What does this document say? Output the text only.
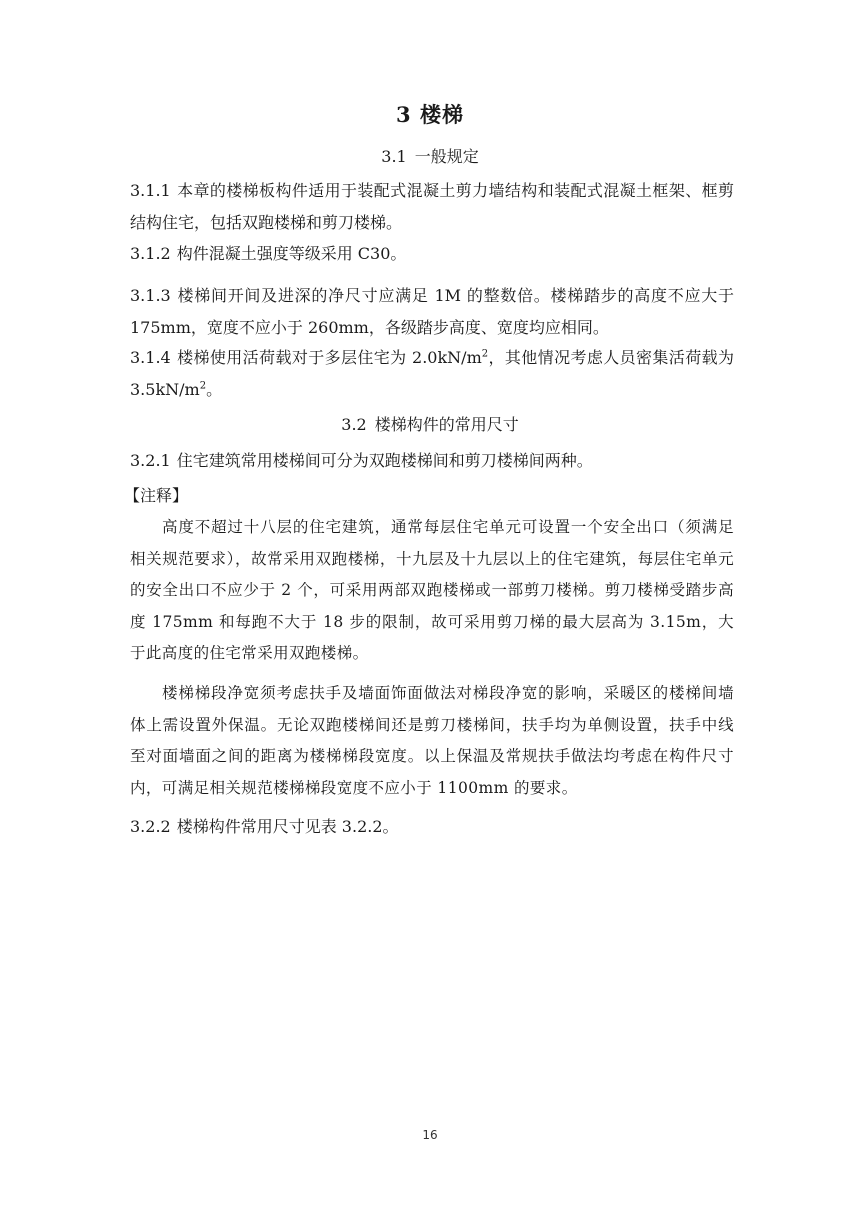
3 楼梯
3.1 一般规定

3.1.1 本章的楼梯板构件适用于装配式混凝土剪力墙结构和装配式混凝土框架、框剪结构住宅，包括双跑楼梯和剪刀楼梯。

3.1.2 构件混凝土强度等级采用 C30。

3.1.3 楼梯间开间及进深的净尺寸应满足 1M 的整数倍。楼梯踏步的高度不应大于 175mm，宽度不应小于 260mm，各级踏步高度、宽度均应相同。

3.1.4 楼梯使用活荷载对于多层住宅为 $2.0kN/m^2$，其他情况考虑人员密集活荷载为 $3.5kN/m^2$。

3.2 楼梯构件的常用尺寸

3.2.1 住宅建筑常用楼梯间可分为双跑楼梯间和剪刀楼梯间两种。

【注释】

高度不超过十八层的住宅建筑，通常每层住宅单元可设置一个安全出口（须满足相关规范要求），故常采用双跑楼梯，十九层及十九层以上的住宅建筑，每层住宅单元的安全出口不应少于 2 个，可采用两部双跑楼梯或一部剪刀楼梯。剪刀楼梯受踏步高度 175mm 和每跑不大于 18 步的限制，故可采用剪刀梯的最大层高为 3.15m，大于此高度的住宅常采用双跑楼梯。

楼梯梯段净宽须考虑扶手及墙面饰面做法对梯段净宽的影响，采暖区的楼梯间墙体上需设置外保温。无论双跑楼梯间还是剪刀楼梯间，扶手均为单侧设置，扶手中线至对面墙面之间的距离为楼梯梯段宽度。以上保温及常规扶手做法均考虑在构件尺寸内，可满足相关规范楼梯梯段宽度不应小于 1100mm 的要求。

3.2.2 楼梯构件常用尺寸见表 3.2.2。

16
